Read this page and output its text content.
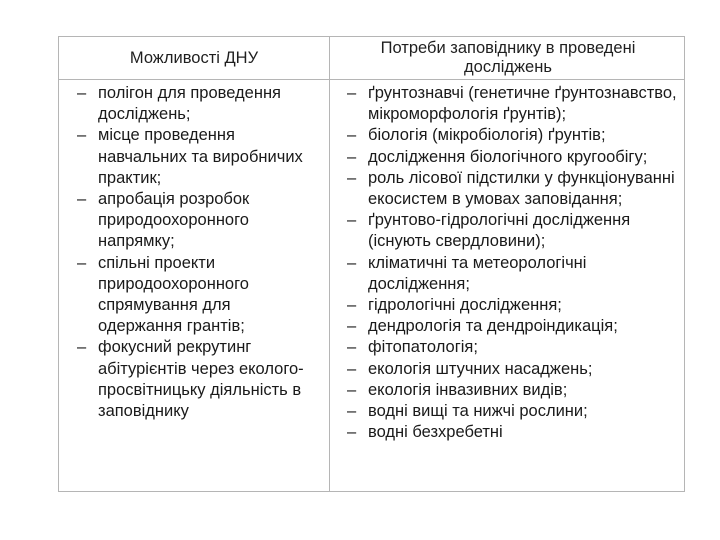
Можливості ДНУ
Потреби заповіднику в проведені досліджень
– полігон для проведення досліджень;
– місце проведення навчальних та виробничих практик;
– апробація розробок природоохоронного напрямку;
– спільні проекти природоохоронного спрямування для одержання грантів;
– фокусний рекрутинг абітурієнтів через еколого-просвітницьку діяльність в заповіднику
– ґрунтознавчі (генетичне ґрунтознавство, мікроморфологія ґрунтів);
– біологія (мікробіологія) ґрунтів;
– дослідження біологічного кругообігу;
– роль лісової підстилки у функціонуванні екосистем в умовах заповідання;
– ґрунтово-гідрологічні дослідження (існують свердловини);
– кліматичні та метеорологічні дослідження;
– гідрологічні дослідження;
– дендрологія та дендроіндикація;
– фітопатологія;
– екологія штучних насаджень;
– екологія інвазивних видів;
– водні вищі та нижчі рослини;
– водні безхребетні
